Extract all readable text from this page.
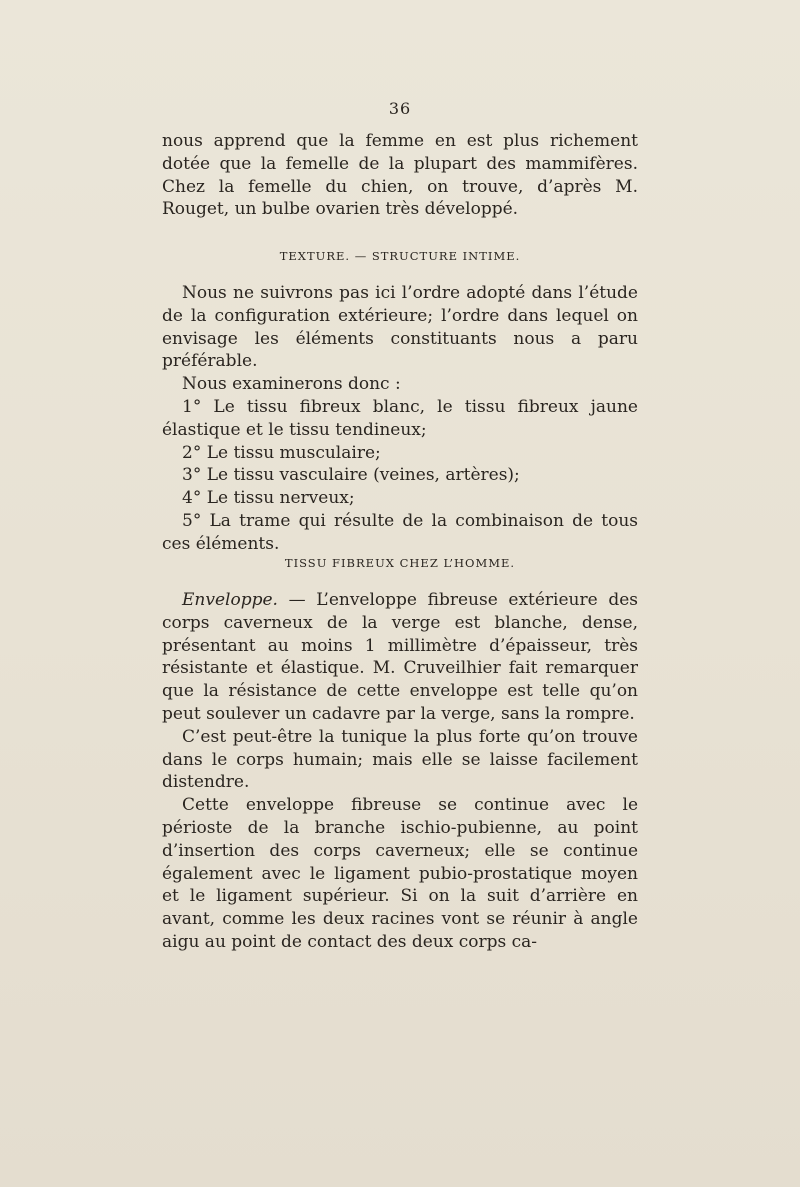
36

nous apprend que la femme en est plus richement dotée que la femelle de la plupart des mammifères. Chez la femelle du chien, on trouve, d’après M. Rouget, un bulbe ovarien très développé.

TEXTURE. — STRUCTURE INTIME.

Nous ne suivrons pas ici l’ordre adopté dans l’étude de la configuration extérieure; l’ordre dans lequel on envisage les éléments constituants nous a paru préférable.

Nous examinerons donc :

1° Le tissu fibreux blanc, le tissu fibreux jaune élastique et le tissu tendineux;

2° Le tissu musculaire;

3° Le tissu vasculaire (veines, artères);

4° Le tissu nerveux;

5° La trame qui résulte de la combinaison de tous ces éléments.

TISSU FIBREUX CHEZ L’HOMME.

Enveloppe. — L’enveloppe fibreuse extérieure des corps caverneux de la verge est blanche, dense, présentant au moins 1 millimètre d’épaisseur, très résistante et élastique. M. Cruveilhier fait remarquer que la résistance de cette enveloppe est telle qu’on peut soulever un cadavre par la verge, sans la rompre.

C’est peut-être la tunique la plus forte qu’on trouve dans le corps humain; mais elle se laisse facilement distendre.

Cette enveloppe fibreuse se continue avec le périoste de la branche ischio-pubienne, au point d’insertion des corps caverneux; elle se continue également avec le ligament pubio-prostatique moyen et le ligament supérieur. Si on la suit d’arrière en avant, comme les deux racines vont se réunir à angle aigu au point de contact des deux corps ca-
